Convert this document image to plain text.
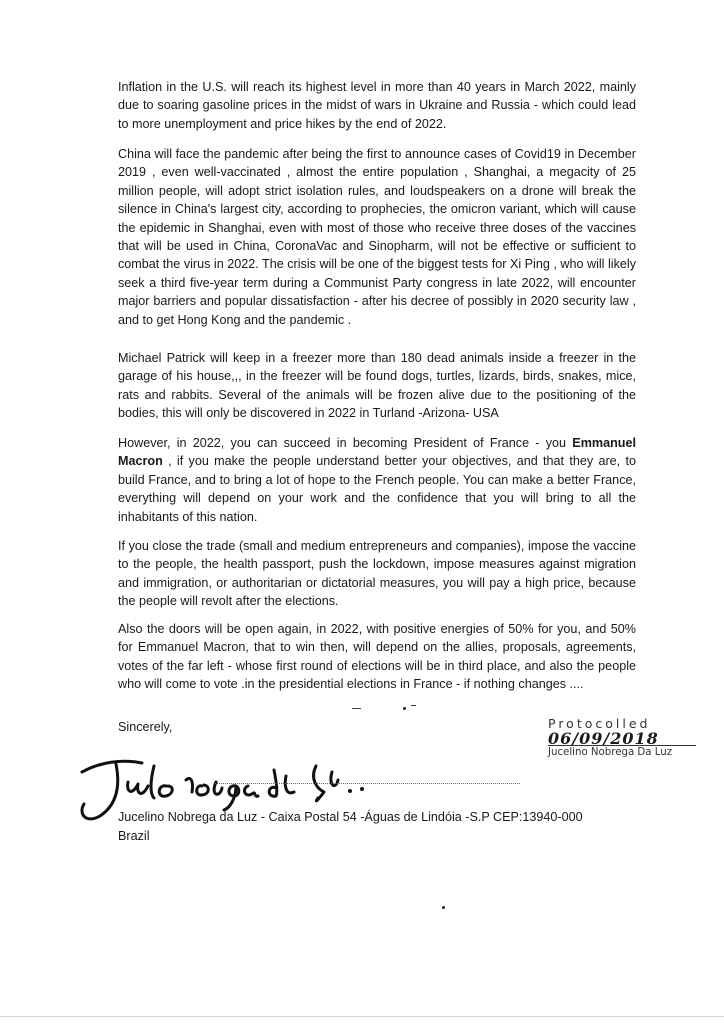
Inflation in the U.S. will reach its highest level in more than 40 years in March 2022, mainly due to soaring gasoline prices in the midst of wars in Ukraine and Russia - which could lead to more unemployment and price hikes by the end of 2022.

China will face the pandemic after being the first to announce cases of Covid19 in December 2019 , even well-vaccinated , almost the entire population , Shanghai, a megacity of 25 million people, will adopt strict isolation rules, and loudspeakers on a drone will break the silence in China's largest city, according to prophecies, the omicron variant, which will cause the epidemic in Shanghai, even with most of those who receive three doses of the vaccines that will be used in China, CoronaVac and Sinopharm, will not be effective or sufficient to combat the virus in 2022. The crisis will be one of the biggest tests for Xi Ping , who will likely seek a third five-year term during a Communist Party congress in late 2022, will encounter major barriers and popular dissatisfaction - after his decree of possibly in 2020 security law , and to get Hong Kong and the pandemic .

Michael Patrick will keep in a freezer more than 180 dead animals inside a freezer in the garage of his house,,, in the freezer will be found dogs, turtles, lizards, birds, snakes, mice, rats and rabbits. Several of the animals will be frozen alive due to the positioning of the bodies, this will only be discovered in 2022 in Turland -Arizona- USA

However, in 2022, you can succeed in becoming President of France - you Emmanuel Macron , if you make the people understand better your objectives, and that they are, to build France, and to bring a lot of hope to the French people. You can make a better France, everything will depend on your work and the confidence that you will bring to all the inhabitants of this nation.

If you close the trade (small and medium entrepreneurs and companies), impose the vaccine to the people, the health passport, push the lockdown, impose measures against migration and immigration, or authoritarian or dictatorial measures, you will pay a high price, because the people will revolt after the elections.

Also the doors will be open again, in 2022, with positive energies of 50% for you, and 50% for Emmanuel Macron, that to win then, will depend on the allies, proposals, agreements, votes of the far left - whose first round of elections will be in third place, and also the people who will come to vote .in the presidential elections in France - if nothing changes ....

Sincerely,	Protocolled
06/09/2018
Jucelino Nobrega Da Luz
Jucelino Nobrega da Luz - Caixa Postal 54 -Águas de Lindóia -S.P CEP:13940-000
Brazil
